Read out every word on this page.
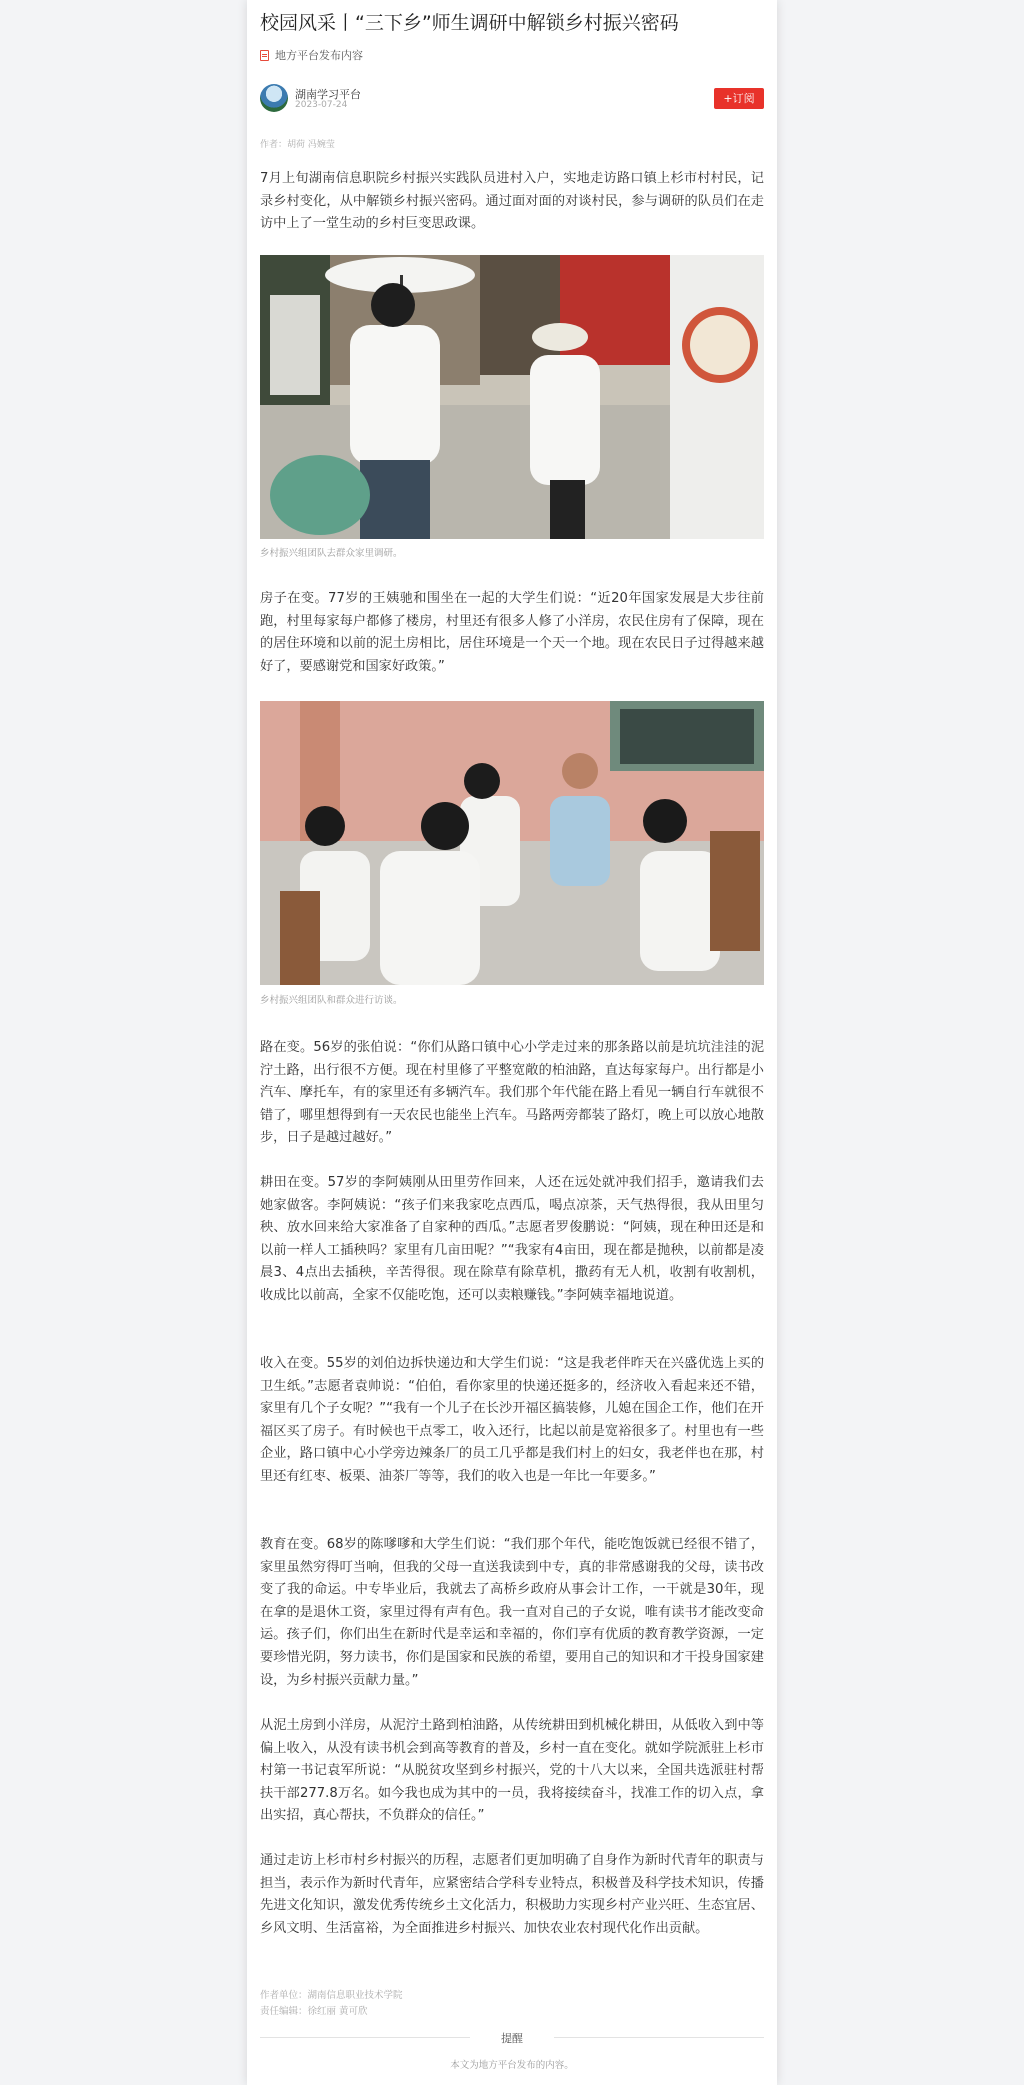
校园风采丨“三下乡”师生调研中解锁乡村振兴密码
地方平台发布内容
湖南学习平台
2023-07-24	+订阅
作者：胡荷 冯婉莹

7月上旬湖南信息职院乡村振兴实践队员进村入户，实地走访路口镇上杉市村村民，记录乡村变化，从中解锁乡村振兴密码。通过面对面的对谈村民，参与调研的队员们在走访中上了一堂生动的乡村巨变思政课。

乡村振兴组团队去群众家里调研。

房子在变。77岁的王姨驰和围坐在一起的大学生们说：“近20年国家发展是大步往前跑，村里每家每户都修了楼房，村里还有很多人修了小洋房，农民住房有了保障，现在的居住环境和以前的泥土房相比，居住环境是一个天一个地。现在农民日子过得越来越好了，要感谢党和国家好政策。”

乡村振兴组团队和群众进行访谈。

路在变。56岁的张伯说：“你们从路口镇中心小学走过来的那条路以前是坑坑洼洼的泥泞土路，出行很不方便。现在村里修了平整宽敞的柏油路，直达每家每户。出行都是小汽车、摩托车，有的家里还有多辆汽车。我们那个年代能在路上看见一辆自行车就很不错了，哪里想得到有一天农民也能坐上汽车。马路两旁都装了路灯，晚上可以放心地散步，日子是越过越好。”

耕田在变。57岁的李阿姨刚从田里劳作回来，人还在远处就冲我们招手，邀请我们去她家做客。李阿姨说：“孩子们来我家吃点西瓜，喝点凉茶，天气热得很，我从田里匀秧、放水回来给大家准备了自家种的西瓜。”志愿者罗俊鹏说：“阿姨，现在种田还是和以前一样人工插秧吗？家里有几亩田呢？”“我家有4亩田，现在都是抛秧，以前都是凌晨3、4点出去插秧，辛苦得很。现在除草有除草机，撒药有无人机，收割有收割机，收成比以前高，全家不仅能吃饱，还可以卖粮赚钱。”李阿姨幸福地说道。

收入在变。55岁的刘伯边拆快递边和大学生们说：“这是我老伴昨天在兴盛优选上买的卫生纸。”志愿者袁帅说：“伯伯，看你家里的快递还挺多的，经济收入看起来还不错，家里有几个子女呢？”“我有一个儿子在长沙开福区搞装修，儿媳在国企工作，他们在开福区买了房子。有时候也干点零工，收入还行，比起以前是宽裕很多了。村里也有一些企业，路口镇中心小学旁边辣条厂的员工几乎都是我们村上的妇女，我老伴也在那，村里还有红枣、板栗、油茶厂等等，我们的收入也是一年比一年要多。”

教育在变。68岁的陈嗲嗲和大学生们说：“我们那个年代，能吃饱饭就已经很不错了，家里虽然穷得叮当响，但我的父母一直送我读到中专，真的非常感谢我的父母，读书改变了我的命运。中专毕业后，我就去了高桥乡政府从事会计工作，一干就是30年，现在拿的是退休工资，家里过得有声有色。我一直对自己的子女说，唯有读书才能改变命运。孩子们，你们出生在新时代是幸运和幸福的，你们享有优质的教育教学资源，一定要珍惜光阴，努力读书，你们是国家和民族的希望，要用自己的知识和才干投身国家建设，为乡村振兴贡献力量。”

从泥土房到小洋房，从泥泞土路到柏油路，从传统耕田到机械化耕田，从低收入到中等偏上收入，从没有读书机会到高等教育的普及，乡村一直在变化。就如学院派驻上杉市村第一书记袁军所说：“从脱贫攻坚到乡村振兴，党的十八大以来，全国共选派驻村帮扶干部277.8万名。如今我也成为其中的一员，我将接续奋斗，找准工作的切入点，拿出实招，真心帮扶，不负群众的信任。”

通过走访上杉市村乡村振兴的历程，志愿者们更加明确了自身作为新时代青年的职责与担当，表示作为新时代青年，应紧密结合学科专业特点，积极普及科学技术知识，传播先进文化知识，激发优秀传统乡土文化活力，积极助力实现乡村产业兴旺、生态宜居、乡风文明、生活富裕，为全面推进乡村振兴、加快农业农村现代化作出贡献。

作者单位：湖南信息职业技术学院
责任编辑：徐红丽 黄可欣
提醒
本文为地方平台发布的内容。
